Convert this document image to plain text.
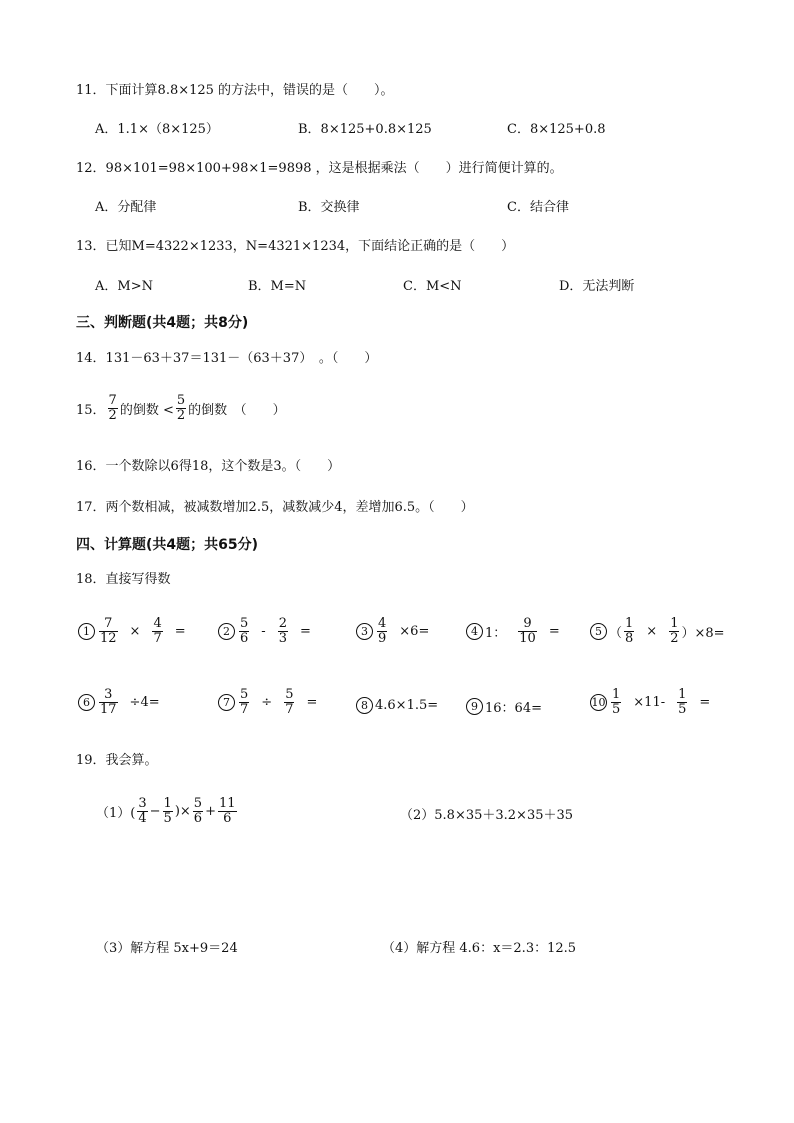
11．下面计算8.8×125 的方法中，错误的是（　　）。
A．1.1×（8×125）	B．8×125+0.8×125	C．8×125+0.8
12．98×101=98×100+98×1=9898 ，这是根据乘法（　　）进行简便计算的。
A．分配律	B．交换律	C．结合律
13．已知M=4322×1233，N=4321×1234，下面结论正确的是（　　）
A．M>N	B．M=N	C．M<N	D．无法判断
三、判断题(共4题；共8分)
14．131－63＋37＝131－（63＋37）　。（　　）
15． $\frac{7}{2}$ 的倒数 < $\frac{5}{2}$ 的倒数　（　　）
16．一个数除以6得18，这个数是3。（　　）
17．两个数相减，被减数增加2.5，减数减少4，差增加6.5。（　　）
四、计算题(共4题；共65分)
18．直接写得数
$1 \frac{7}{12} \times \frac{4}{7}$ =	$2 \frac{5}{6} - \frac{2}{3}$ =	$3 \frac{4}{9} \times 6=$	4 1： $\frac{9}{10}$ =	5 （ $\frac{1}{8} \times \frac{1}{2} )\times 8=$
$6 \frac{3}{17} \div 4=$	$7 \frac{5}{7} \div \frac{5}{7}$ =	8 4.6×1.5=	9 16：64=	$10 \frac{1}{5} \times 11- \frac{1}{5}$ =
19．我会算。
$(1)( \frac{3}{4} - \frac{1}{5}$ )× $\frac{5}{6} + \frac{11}{6}$	（2）5.8×35＋3.2×35＋35
（3）解方程 5x+9＝24	（4）解方程 4.6：x＝2.3：12.5
